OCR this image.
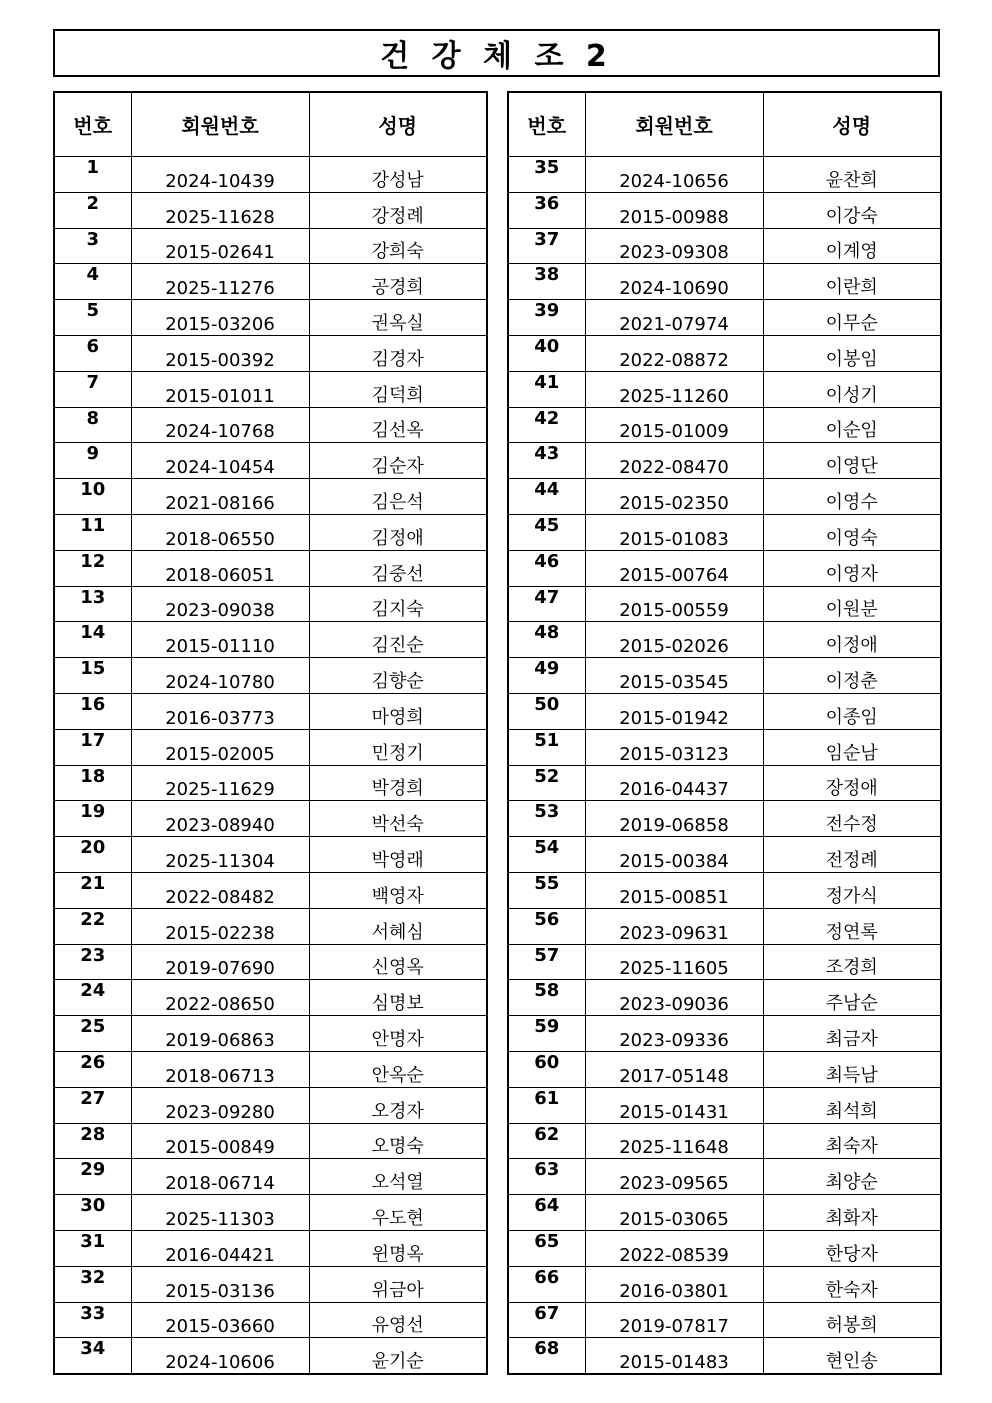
건 강 체 조 2
번호	회원번호	성명
1	2024-10439	강성남
2	2025-11628	강정례
3	2015-02641	강희숙
4	2025-11276	공경희
5	2015-03206	권옥실
6	2015-00392	김경자
7	2015-01011	김덕희
8	2024-10768	김선옥
9	2024-10454	김순자
10	2021-08166	김은석
11	2018-06550	김정애
12	2018-06051	김중선
13	2023-09038	김지숙
14	2015-01110	김진순
15	2024-10780	김향순
16	2016-03773	마영희
17	2015-02005	민정기
18	2025-11629	박경희
19	2023-08940	박선숙
20	2025-11304	박영래
21	2022-08482	백영자
22	2015-02238	서혜심
23	2019-07690	신영옥
24	2022-08650	심명보
25	2019-06863	안명자
26	2018-06713	안옥순
27	2023-09280	오경자
28	2015-00849	오명숙
29	2018-06714	오석열
30	2025-11303	우도현
31	2016-04421	윈명옥
32	2015-03136	위금아
33	2015-03660	유영선
34	2024-10606	윤기순
번호	회원번호	성명
35	2024-10656	윤찬희
36	2015-00988	이강숙
37	2023-09308	이계영
38	2024-10690	이란희
39	2021-07974	이무순
40	2022-08872	이봉임
41	2025-11260	이성기
42	2015-01009	이순임
43	2022-08470	이영단
44	2015-02350	이영수
45	2015-01083	이영숙
46	2015-00764	이영자
47	2015-00559	이원분
48	2015-02026	이정애
49	2015-03545	이정춘
50	2015-01942	이종임
51	2015-03123	임순남
52	2016-04437	장정애
53	2019-06858	전수정
54	2015-00384	전정례
55	2015-00851	정가식
56	2023-09631	정연록
57	2025-11605	조경희
58	2023-09036	주남순
59	2023-09336	최금자
60	2017-05148	최득남
61	2015-01431	최석희
62	2025-11648	최숙자
63	2023-09565	최양순
64	2015-03065	최화자
65	2022-08539	한당자
66	2016-03801	한숙자
67	2019-07817	허봉희
68	2015-01483	현인송
